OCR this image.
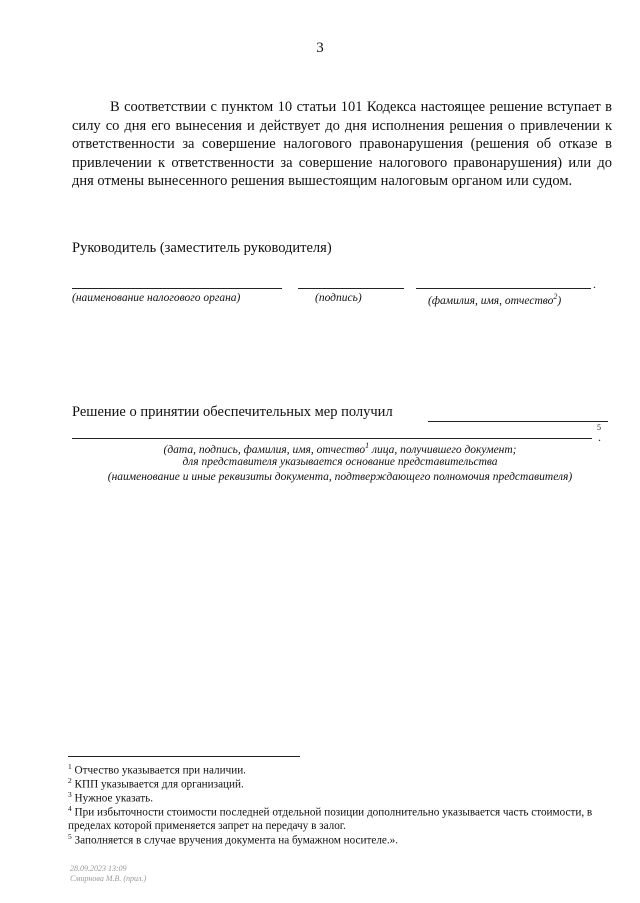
3
В соответствии с пунктом 10 статьи 101 Кодекса настоящее решение вступает в силу со дня его вынесения и действует до дня исполнения решения о привлечении к ответственности за совершение налогового правонарушения (решения об отказе в привлечении к ответственности за совершение налогового правонарушения) или до дня отмены вынесенного решения вышестоящим налоговым органом или судом.
Руководитель (заместитель руководителя)
.
(наименование налогового органа)	(подпись)	(фамилия, имя, отчество$^2$)
Решение о принятии обеспечительных мер получил
5
.
(дата, подпись, фамилия, имя, отчество$^1$ лица, получившего документ;
для представителя указывается основание представительства
(наименование и иные реквизиты документа, подтверждающего полномочия представителя)
$^1$ Отчество указывается при наличии.
$^2$ КПП указывается для организаций.
$^3$ Нужное указать.
$^4$ При избыточности стоимости последней отдельной позиции дополнительно указывается часть стоимости, в пределах которой применяется запрет на передачу в залог.
$^5$ Заполняется в случае вручения документа на бумажном носителе.».
28.09.2023 13:09
Смирнова М.В. (прил.)
